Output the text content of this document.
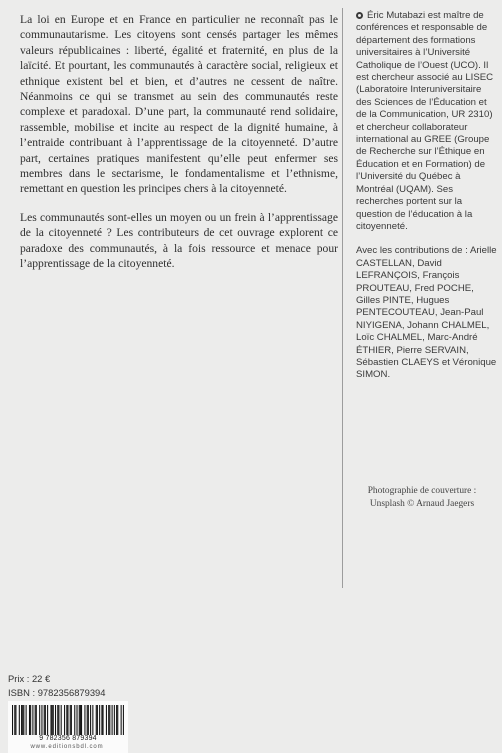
La loi en Europe et en France en particulier ne reconnaît pas le communautarisme. Les citoyens sont censés partager les mêmes valeurs républicaines : liberté, égalité et fraternité, en plus de la laïcité. Et pourtant, les communautés à caractère social, religieux et ethnique existent bel et bien, et d’autres ne cessent de naître. Néanmoins ce qui se transmet au sein des communautés reste complexe et paradoxal. D’une part, la communauté rend solidaire, rassemble, mobilise et incite au respect de la dignité humaine, à l’entraide contribuant à l’apprentissage de la citoyenneté. D’autre part, certaines pratiques manifestent qu’elle peut enfermer ses membres dans le sectarisme, le fondamentalisme et l’ethnisme, remettant en question les principes chers à la citoyenneté.

Les communautés sont-elles un moyen ou un frein à l’apprentissage de la citoyenneté ? Les contributeurs de cet ouvrage explorent ce paradoxe des communautés, à la fois ressource et menace pour l’apprentissage de la citoyenneté.

Éric Mutabazi est maître de conférences et responsable de département des formations universitaires à l’Université Catholique de l’Ouest (UCO). Il est chercheur associé au LISEC (Laboratoire Interuniversitaire des Sciences de l’Éducation et de la Communication, UR 2310) et chercheur collaborateur international au GREE (Groupe de Recherche sur l’Éthique en Éducation et en Formation) de l’Université du Québec à Montréal (UQAM). Ses recherches portent sur la question de l’éducation à la citoyenneté.

Avec les contributions de : Arielle CASTELLAN, David LEFRANÇOIS, François PROUTEAU, Fred POCHE, Gilles PINTE, Hugues PENTECOUTEAU, Jean-Paul NIYIGENA, Johann CHALMEL, Loïc CHALMEL, Marc-André ÉTHIER, Pierre SERVAIN, Sébastien CLAEYS et Véronique SIMON.

Photographie de couverture :
Unsplash © Arnaud Jaegers
Prix : 22 €
ISBN : 9782356879394
9 782356 879394
www.editionsbdl.com
